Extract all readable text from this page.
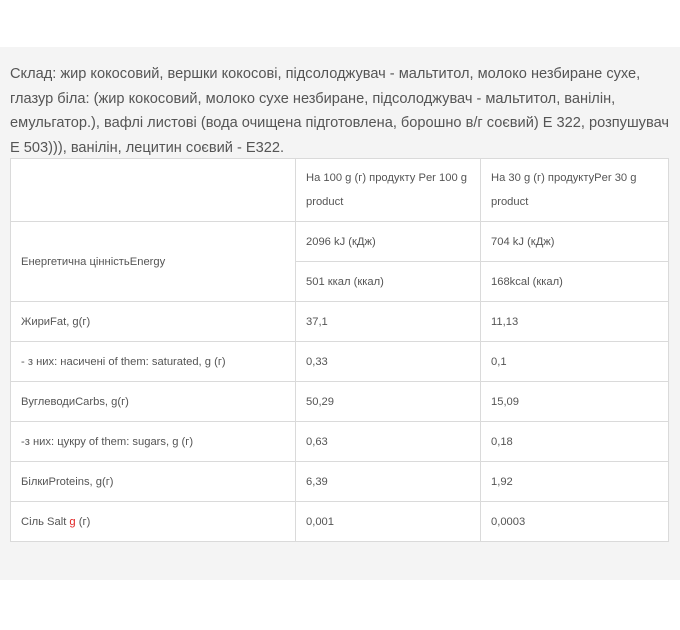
Склад: жир кокосовий, вершки кокосові, підсолоджувач - мальтитол, молоко незбиране сухе, глазур біла: (жир кокосовий, молоко сухе незбиране, підсолоджувач - мальтитол, ванілін, емульгатор.), вафлі листові (вода очищена підготовлена, борошно в/г соєвий) Е 322, розпушувач Е 503))), ванілін, лецитин соєвий - Е322.

	На 100 g (г) продукту Per 100 g product	На 30 g (г) продуктуPer 30 g product
Енергетична цінністьEnergy	2096 kJ (кДж)	704 kJ (кДж)
	501 ккал (ккал)	168kcal (ккал)
ЖириFat, g(г)	37,1	11,13
- з них: насичені of them: saturated, g (г)	0,33	0,1
ВуглеводиCarbs, g(г)	50,29	15,09
-з них: цукру of them: sugars, g (г)	0,63	0,18
БілкиProteins, g(г)	6,39	1,92
Сіль Salt g (г)	0,001	0,0003
